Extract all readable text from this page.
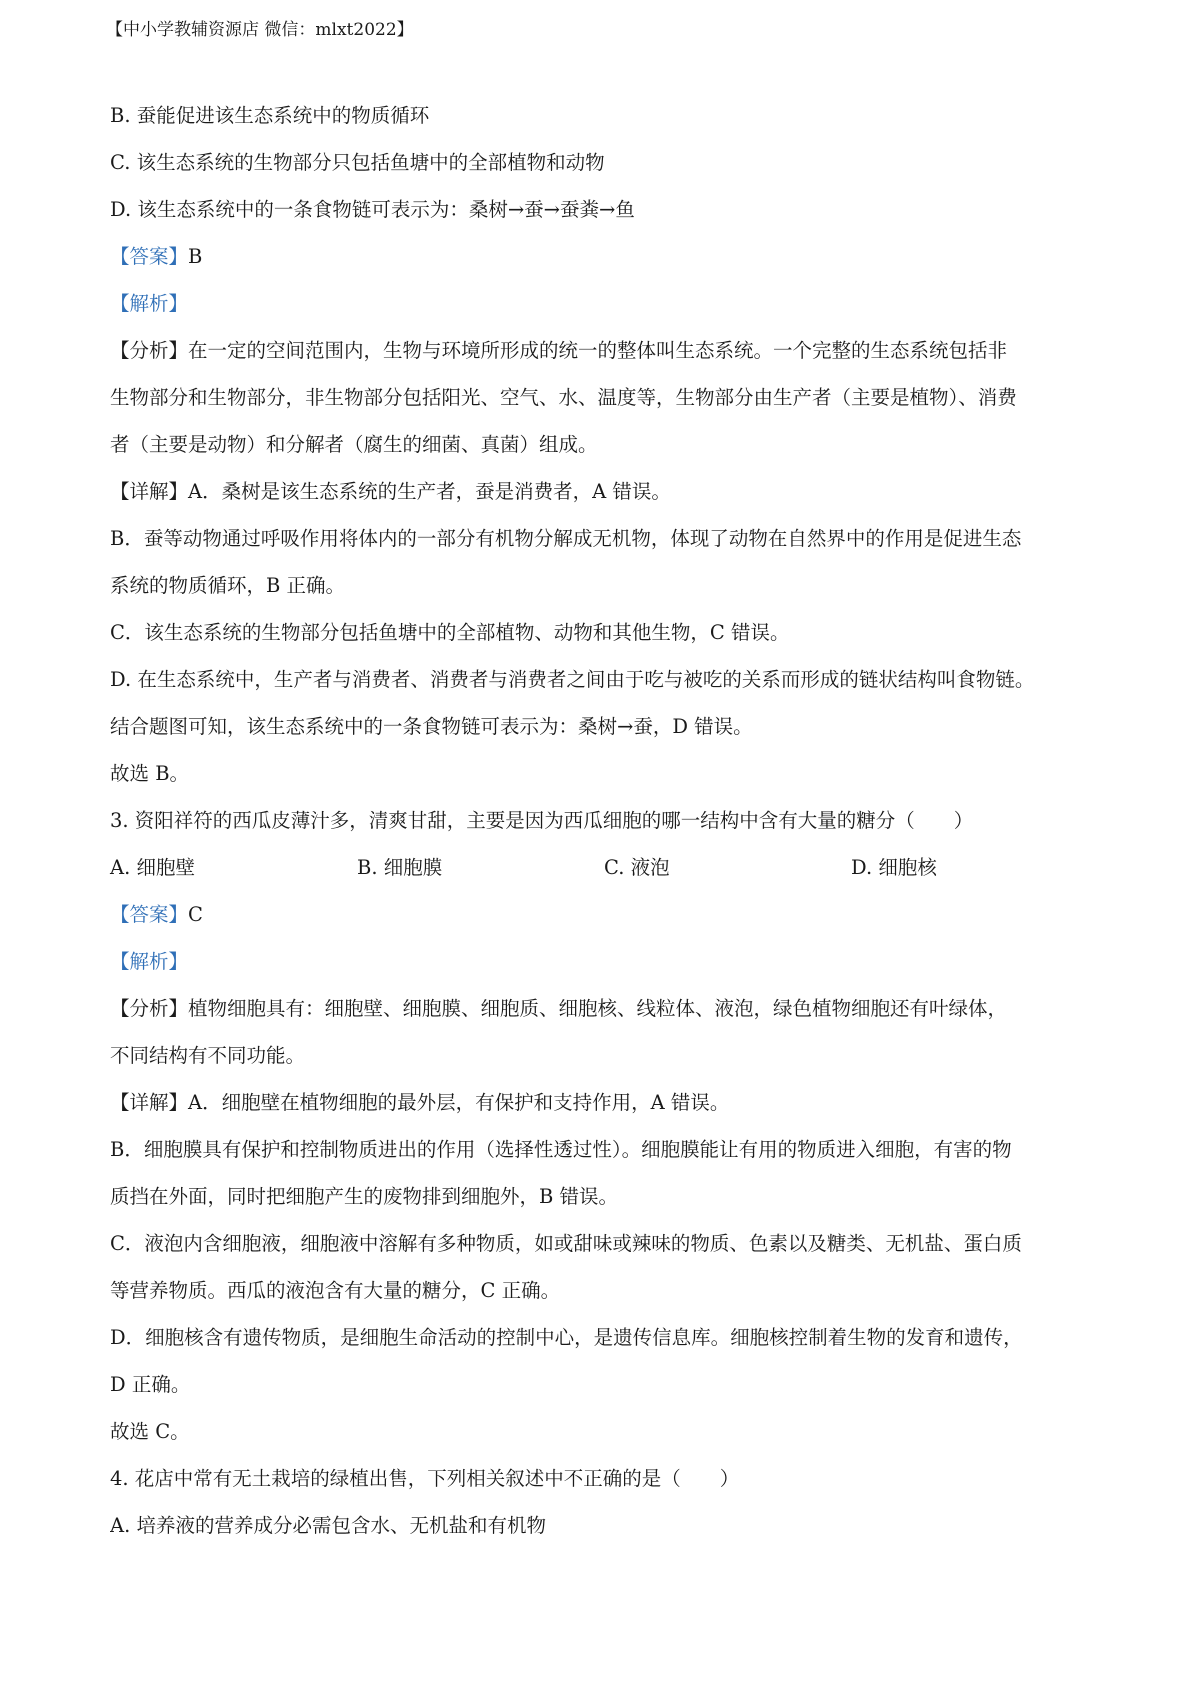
【中小学教辅资源店 微信：mlxt2022】
B. 蚕能促进该生态系统中的物质循环
C. 该生态系统的生物部分只包括鱼塘中的全部植物和动物
D. 该生态系统中的一条食物链可表示为：桑树→蚕→蚕粪→鱼
【答案】B
【解析】
【分析】在一定的空间范围内，生物与环境所形成的统一的整体叫生态系统。一个完整的生态系统包括非
生物部分和生物部分，非生物部分包括阳光、空气、水、温度等，生物部分由生产者（主要是植物）、消费
者（主要是动物）和分解者（腐生的细菌、真菌）组成。
【详解】A．桑树是该生态系统的生产者，蚕是消费者，A 错误。
B．蚕等动物通过呼吸作用将体内的一部分有机物分解成无机物，体现了动物在自然界中的作用是促进生态
系统的物质循环，B 正确。
C．该生态系统的生物部分包括鱼塘中的全部植物、动物和其他生物，C 错误。
D. 在生态系统中，生产者与消费者、消费者与消费者之间由于吃与被吃的关系而形成的链状结构叫食物链。
结合题图可知，该生态系统中的一条食物链可表示为：桑树→蚕，D 错误。
故选 B。
3. 资阳祥符的西瓜皮薄汁多，清爽甘甜，主要是因为西瓜细胞的哪一结构中含有大量的糖分（　　）
A. 细胞壁	B. 细胞膜	C. 液泡	D. 细胞核
【答案】C
【解析】
【分析】植物细胞具有：细胞壁、细胞膜、细胞质、细胞核、线粒体、液泡，绿色植物细胞还有叶绿体，
不同结构有不同功能。
【详解】A．细胞壁在植物细胞的最外层，有保护和支持作用，A 错误。
B．细胞膜具有保护和控制物质进出的作用（选择性透过性）。细胞膜能让有用的物质进入细胞，有害的物
质挡在外面，同时把细胞产生的废物排到细胞外，B 错误。
C．液泡内含细胞液，细胞液中溶解有多种物质，如或甜味或辣味的物质、色素以及糖类、无机盐、蛋白质
等营养物质。西瓜的液泡含有大量的糖分，C 正确。
D．细胞核含有遗传物质，是细胞生命活动的控制中心，是遗传信息库。细胞核控制着生物的发育和遗传，
D 正确。
故选 C。
4. 花店中常有无土栽培的绿植出售，下列相关叙述中不正确的是（　　）
A. 培养液的营养成分必需包含水、无机盐和有机物
